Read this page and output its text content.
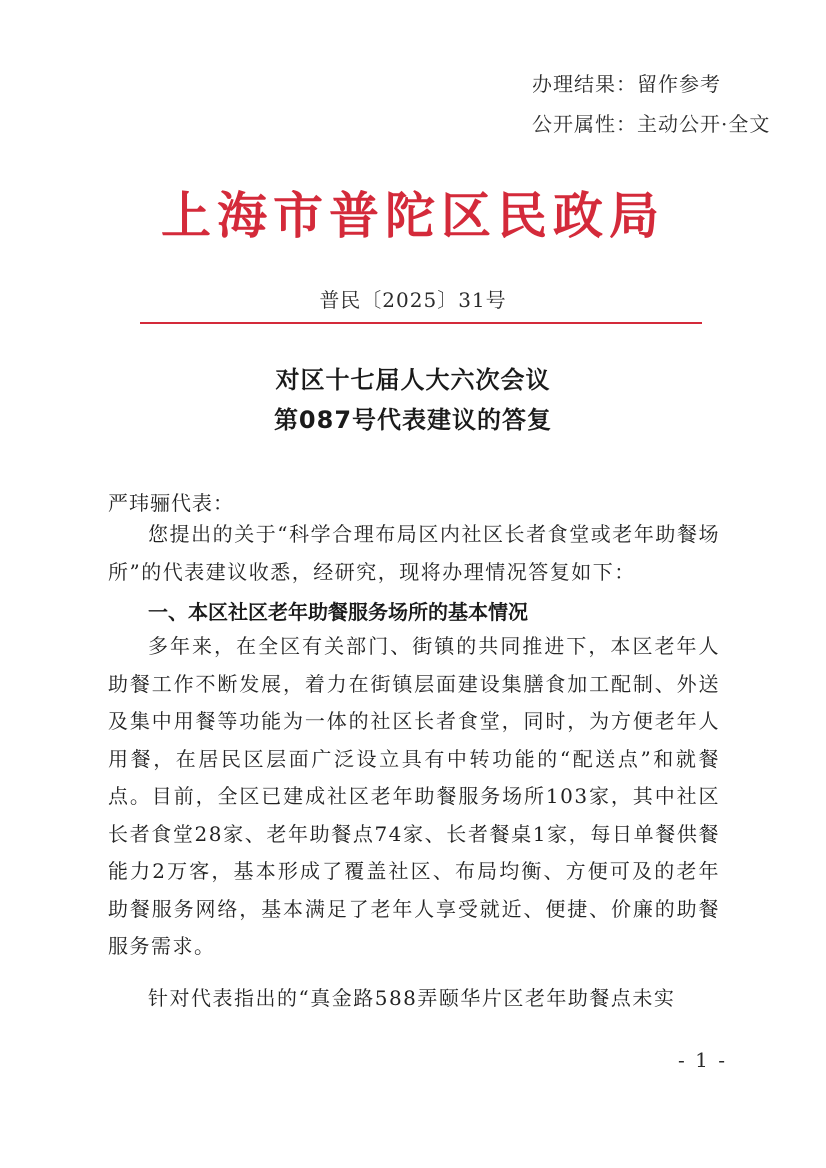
办理结果：留作参考
公开属性：主动公开·全文
上海市普陀区民政局
普民〔2025〕31号
对区十七届人大六次会议
第087号代表建议的答复
严玮骊代表：
您提出的关于“科学合理布局区内社区长者食堂或老年助餐场所”的代表建议收悉，经研究，现将办理情况答复如下：
一、本区社区老年助餐服务场所的基本情况
多年来，在全区有关部门、街镇的共同推进下，本区老年人助餐工作不断发展，着力在街镇层面建设集膳食加工配制、外送及集中用餐等功能为一体的社区长者食堂，同时，为方便老年人用餐，在居民区层面广泛设立具有中转功能的“配送点”和就餐点。目前，全区已建成社区老年助餐服务场所103家，其中社区长者食堂28家、老年助餐点74家、长者餐桌1家，每日单餐供餐能力2万客，基本形成了覆盖社区、布局均衡、方便可及的老年助餐服务网络，基本满足了老年人享受就近、便捷、价廉的助餐服务需求。
针对代表指出的“真金路588弄颐华片区老年助餐点未实
- 1 -
